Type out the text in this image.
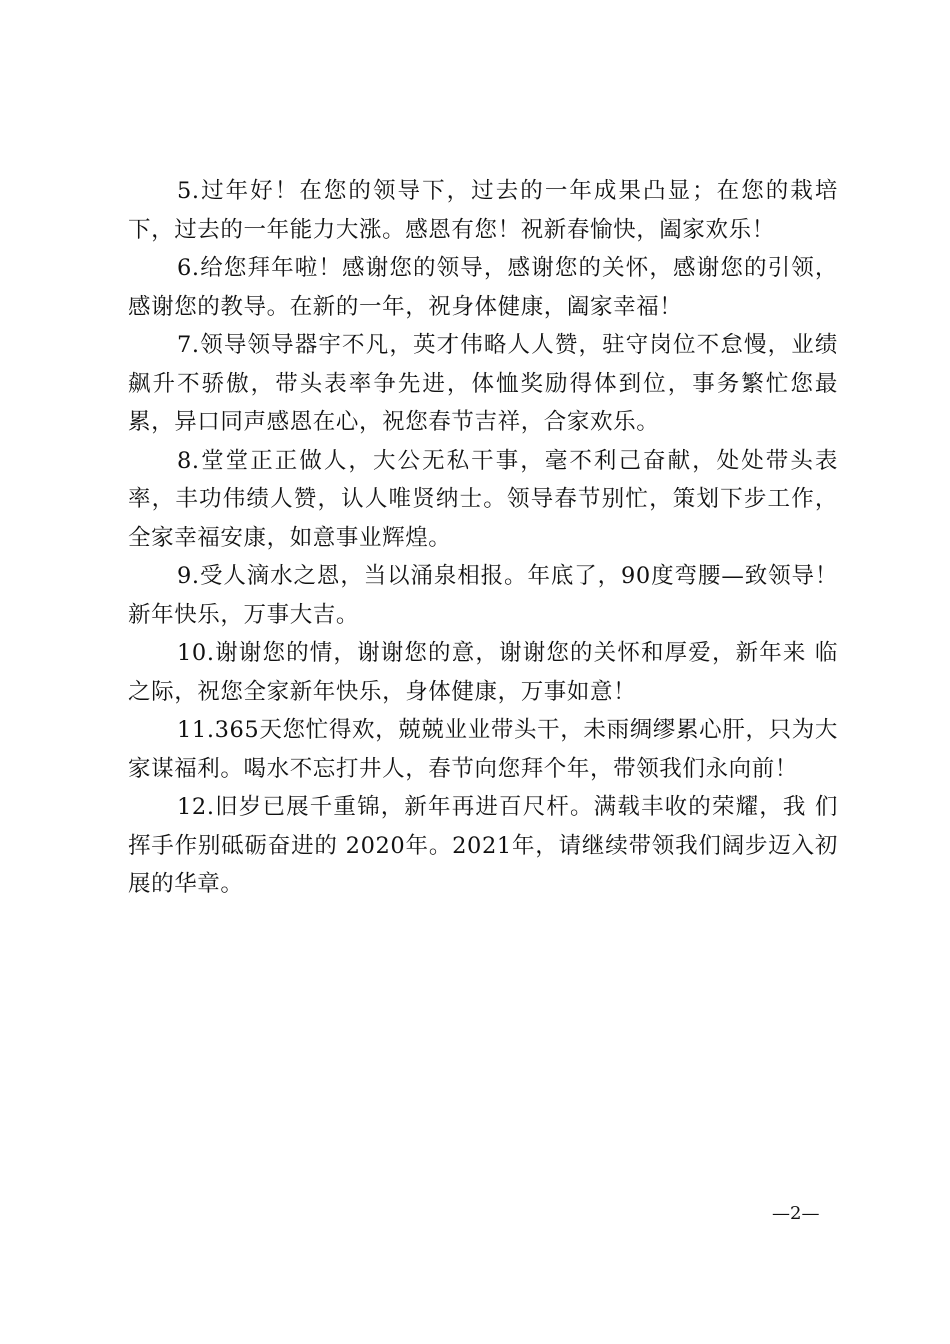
5.过年好！在您的领导下，过去的一年成果凸显；在您的栽培下，过去的一年能力大涨。感恩有您！祝新春愉快，阖家欢乐！

6.给您拜年啦！感谢您的领导，感谢您的关怀，感谢您的引领，感谢您的教导。在新的一年，祝身体健康，阖家幸福！

7.领导领导器宇不凡，英才伟略人人赞，驻守岗位不怠慢，业绩飙升不骄傲，带头表率争先进，体恤奖励得体到位，事务繁忙您最累，异口同声感恩在心，祝您春节吉祥，合家欢乐。

8.堂堂正正做人，大公无私干事，毫不利己奋献，处处带头表率，丰功伟绩人赞，认人唯贤纳士。领导春节别忙，策划下步工作，全家幸福安康，如意事业辉煌。

9.受人滴水之恩，当以涌泉相报。年底了，90度弯腰—致领导！新年快乐，万事大吉。

10.谢谢您的情，谢谢您的意，谢谢您的关怀和厚爱，新年来 临之际，祝您全家新年快乐，身体健康，万事如意！

11.365天您忙得欢，兢兢业业带头干，未雨绸缪累心肝，只为大家谋福利。喝水不忘打井人，春节向您拜个年，带领我们永向前！

12.旧岁已展千重锦，新年再进百尺杆。满载丰收的荣耀，我 们挥手作别砥砺奋进的 2020年。2021年，请继续带领我们阔步迈入初展的华章。

—2—
